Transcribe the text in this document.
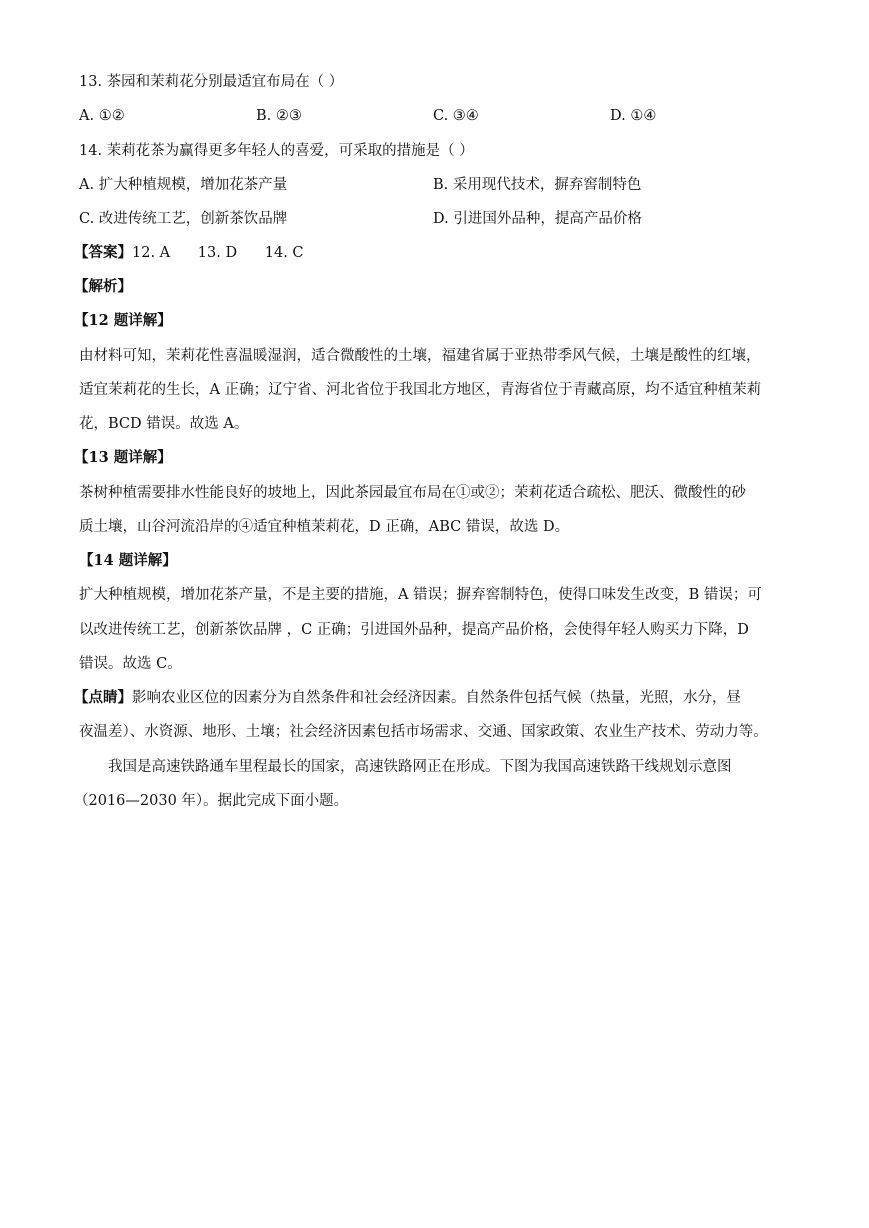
13. 茶园和茉莉花分别最适宜布局在（ ）
A. ①②	B. ②③	C. ③④	D. ①④
14. 茉莉花茶为赢得更多年轻人的喜爱，可采取的措施是（ ）
A. 扩大种植规模，增加花茶产量	B. 采用现代技术，摒弃窖制特色
C. 改进传统工艺，创新茶饮品牌	D. 引进国外品种，提高产品价格
【答案】12. A      13. D      14. C
【解析】
【12 题详解】
由材料可知，茉莉花性喜温暖湿润，适合微酸性的土壤，福建省属于亚热带季风气候，土壤是酸性的红壤，
适宜茉莉花的生长，A 正确；辽宁省、河北省位于我国北方地区，青海省位于青藏高原，均不适宜种植茉莉
花，BCD 错误。故选 A。
【13 题详解】
茶树种植需要排水性能良好的坡地上，因此茶园最宜布局在①或②；茉莉花适合疏松、肥沃、微酸性的砂
质土壤，山谷河流沿岸的④适宜种植茉莉花，D 正确，ABC 错误，故选 D。
【14 题详解】
扩大种植规模，增加花茶产量，不是主要的措施，A 错误；摒弃窖制特色，使得口味发生改变，B 错误；可
以改进传统工艺，创新茶饮品牌 ，C 正确；引进国外品种，提高产品价格，会使得年轻人购买力下降，D
错误。故选 C。
【点睛】影响农业区位的因素分为自然条件和社会经济因素。自然条件包括气候（热量，光照，水分，昼
夜温差）、水资源、地形、土壤；社会经济因素包括市场需求、交通、国家政策、农业生产技术、劳动力等。
我国是高速铁路通车里程最长的国家，高速铁路网正在形成。下图为我国高速铁路干线规划示意图
（2016—2030 年）。据此完成下面小题。
